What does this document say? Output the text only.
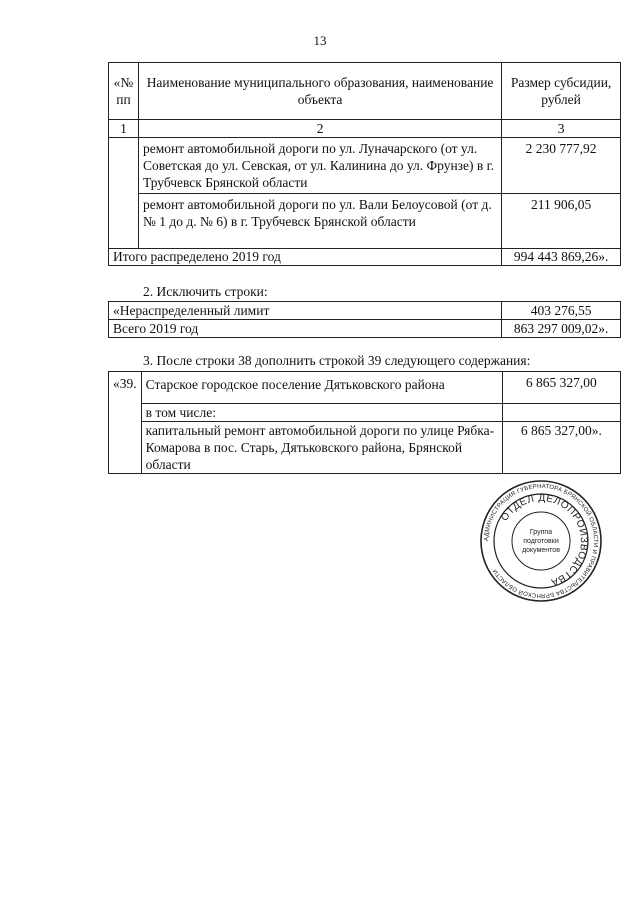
13
«№ пп	Наименование муниципального образования, наименование объекта	Размер субсидии, рублей
1	2	3
	ремонт автомобильной дороги по ул. Луначарского (от ул. Советская до ул. Севская, от ул. Калинина до ул. Фрунзе) в г. Трубчевск Брянской области	2 230 777,92
	ремонт автомобильной дороги по ул. Вали Белоусовой (от д. № 1 до д. № 6) в г. Трубчевск Брянской области	211 906,05
Итого распределено 2019 год		994 443 869,26».
2. Исключить строки:
«Нераспределенный лимит	403 276,55
Всего 2019 год	863 297 009,02».
3. После строки 38 дополнить строкой 39 следующего содержания:
«39.	Старское городское поселение Дятьковского района	6 865 327,00
	в том числе:	
	капитальный ремонт автомобильной дороги по улице Рябка-Комарова в пос. Старь, Дятьковского района, Брянской области	6 865 327,00».
АДМИНИСТРАЦИЯ ГУБЕРНАТОРА БРЯНСКОЙ ОБЛАСТИ И ПРАВИТЕЛЬСТВА БРЯНСКОЙ ОБЛАСТИ
ОТДЕЛ ДЕЛОПРОИЗВОДСТВА
Группа
подготовки
документов
